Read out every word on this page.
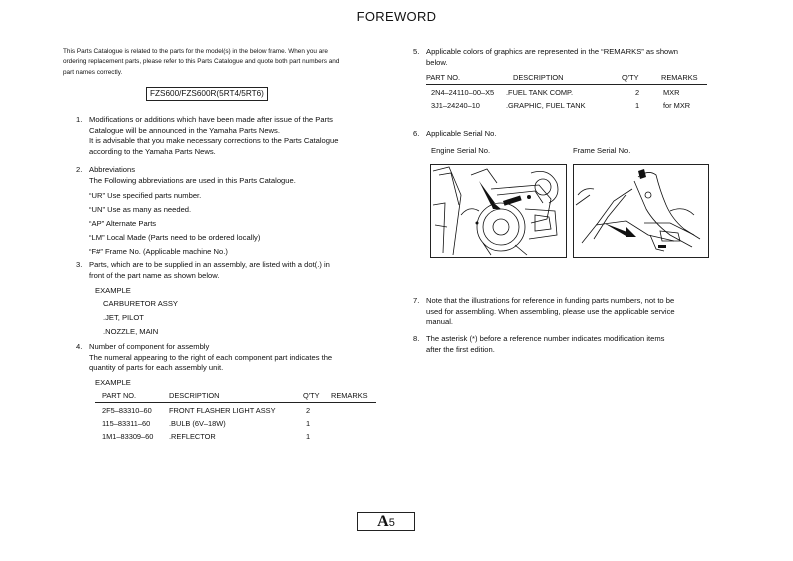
FOREWORD
This Parts Catalogue is related to the parts for the model(s) in the below frame. When you are
ordering replacement parts, please refer to this Parts Catalogue and quote both part numbers and
part names correctly.
FZS600/FZS600R(5RT4/5RT6)
1. Modifications or additions which have been made after issue of the Parts
Catalogue will be announced in the Yamaha Parts News.
It is advisable that you make necessary corrections to the Parts Catalogue
according to the Yamaha Parts News.
2. Abbreviations
The Following abbreviations are used in this Parts Catalogue.
“UR” Use specified parts number.
“UN” Use as many as needed.
“AP” Alternate Parts
“LM” Local Made (Parts need to be ordered locally)
“F#” Frame No. (Applicable machine No.)
3. Parts, which are to be supplied in an assembly, are listed with a dot(.) in
front of the part name as shown below.
EXAMPLE
CARBURETOR ASSY
.JET, PILOT
.NOZZLE, MAIN
4. Number of component for assembly
The numeral appearing to the right of each component part indicates the
quantity of parts for each assembly unit.
EXAMPLE
PART NO.	DESCRIPTION	Q'TY REMARKS
2F5–83310–60 FRONT FLASHER LIGHT ASSY	2
115–83311–60	.BULB (6V–18W)	1
1M1–83309–60 .REFLECTOR	1
5. Applicable colors of graphics are represented in the “REMARKS” as shown
below.
PART NO.	DESCRIPTION	Q'TY	REMARKS
2N4–24110–00–X5 .FUEL TANK COMP.	2	MXR
3J1–24240–10	.GRAPHIC, FUEL TANK	1	for MXR
6. Applicable Serial No.
Engine Serial No.	Frame Serial No.
7. Note that the illustrations for reference in funding parts numbers, not to be
used for assembling. When assembling, please use the applicable service
manual.
8. The asterisk (*) before a reference number indicates modification items
after the first edition.
A5
